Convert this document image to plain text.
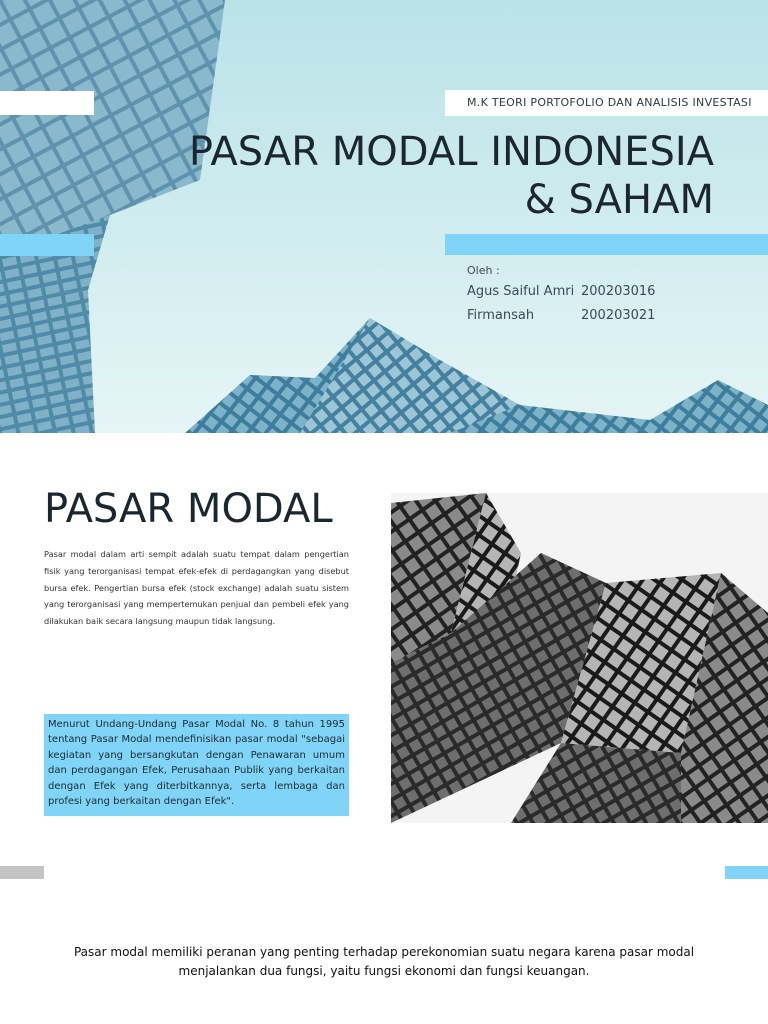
M.K TEORI PORTOFOLIO DAN ANALISIS INVESTASI
PASAR MODAL INDONESIA
& SAHAM
Oleh :
Agus Saiful Amri 200203016
Firmansah	200203021
PASAR MODAL
Pasar modal dalam arti sempit adalah suatu tempat dalam pengertian fisik yang terorganisasi tempat efek-efek di perdagangkan yang disebut bursa efek. Pengertian bursa efek (stock exchange) adalah suatu sistem yang terorganisasi yang mempertemukan penjual dan pembeli efek yang dilakukan baik secara langsung maupun tidak langsung.
Menurut Undang-Undang Pasar Modal No. 8 tahun 1995 tentang Pasar Modal mendefinisikan pasar modal "sebagai kegiatan yang bersangkutan dengan Penawaran umum dan perdagangan Efek, Perusahaan Publik yang berkaitan dengan Efek yang diterbitkannya, serta lembaga dan profesi yang berkaitan dengan Efek".
Pasar modal memiliki peranan yang penting terhadap perekonomian suatu negara karena pasar modal menjalankan dua fungsi, yaitu fungsi ekonomi dan fungsi keuangan.
